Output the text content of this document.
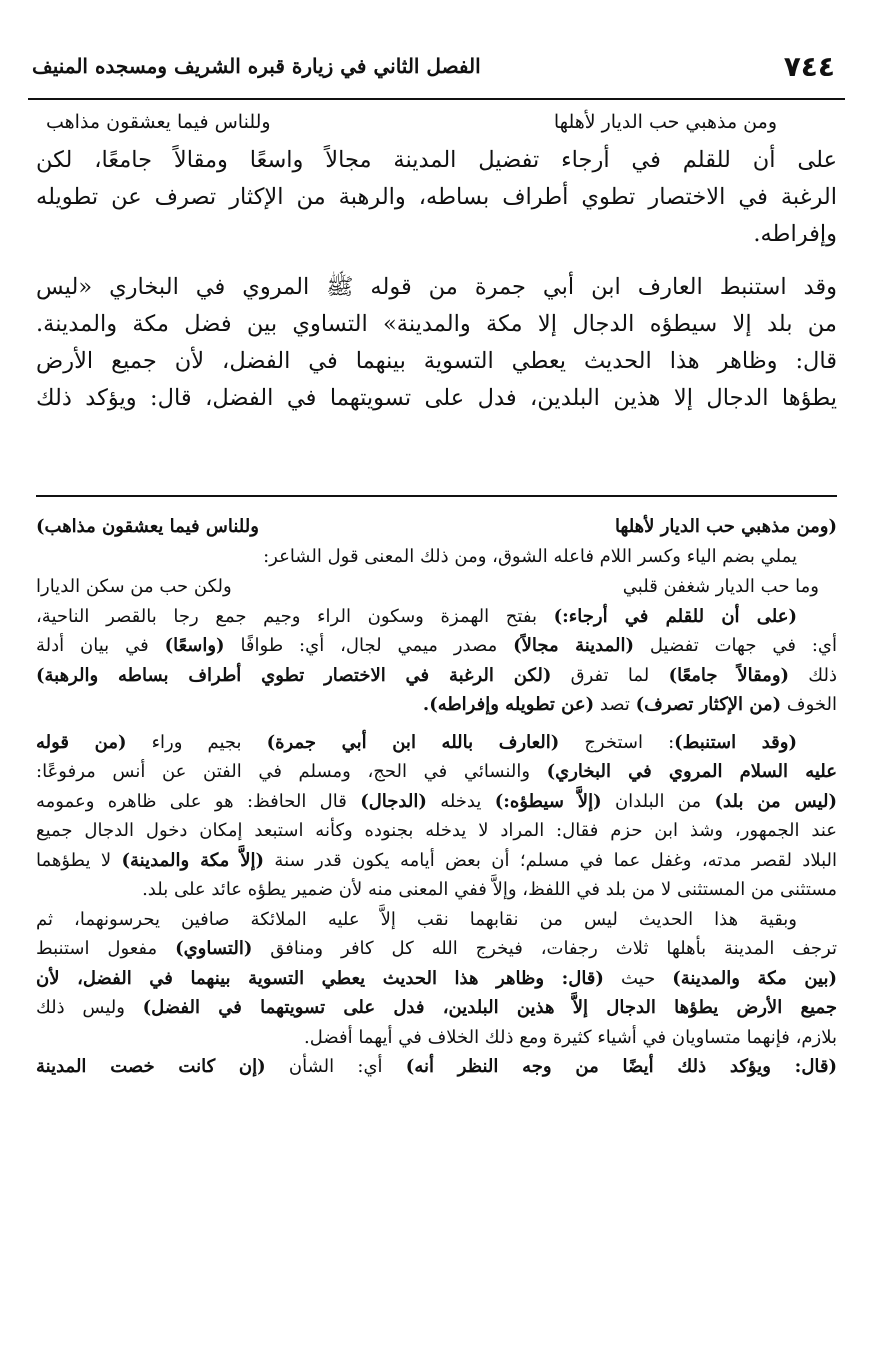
٧٤٤
الفصل الثاني في زيارة قبره الشريف ومسجده المنيف
ومن مذهبي حب الديار لأهلها
وللناس فيما يعشقون مذاهب
على أن للقلم في أرجاء تفضيل المدينة مجالاً واسعًا ومقالاً جامعًا، لكن
الرغبة في الاختصار تطوي أطراف بساطه، والرهبة من الإكثار تصرف عن تطويله
وإفراطه.
وقد استنبط العارف ابن أبي جمرة من قوله ﷺ المروي في البخاري «ليس
من بلد إلا سيطؤه الدجال إلا مكة والمدينة» التساوي بين فضل مكة والمدينة.
قال: وظاهر هذا الحديث يعطي التسوية بينهما في الفضل، لأن جميع الأرض
يطؤها الدجال إلا هذين البلدين، فدل على تسويتهما في الفضل، قال: ويؤكد ذلك
(ومن مذهبي حب الديار لأهلها
وللناس فيما يعشقون مذاهب)
يملي بضم الياء وكسر اللام فاعله الشوق، ومن ذلك المعنى قول الشاعر:
وما حب الديار شغفن قلبي
ولكن حب من سكن الديارا
(على أن للقلم في أرجاء:) بفتح الهمزة وسكون الراء وجيم جمع رجا بالقصر الناحية،
أي: في جهات تفضيل (المدينة مجالاً) مصدر ميمي لجال، أي: طوافًا (واسعًا) في بيان أدلة
ذلك (ومقالاً جامعًا) لما تفرق (لكن الرغبة في الاختصار تطوي أطراف بساطه والرهبة)
الخوف (من الإكثار تصرف) تصد (عن تطويله وإفراطه).
(وقد استنبط): استخرج (العارف بالله ابن أبي جمرة) بجيم وراء (من قوله
عليه السلام المروي في البخاري) والنسائي في الحج، ومسلم في الفتن عن أنس مرفوعًا:
(ليس من بلد) من البلدان (إلاَّ سيطؤه:) يدخله (الدجال) قال الحافظ: هو على ظاهره وعمومه
عند الجمهور، وشذ ابن حزم فقال: المراد لا يدخله بجنوده وكأنه استبعد إمكان دخول الدجال جميع
البلاد لقصر مدته، وغفل عما في مسلم؛ أن بعض أيامه يكون قدر سنة (إلاَّ مكة والمدينة) لا يطؤهما
مستثنى من المستثنى لا من بلد في اللفظ، وإلاَّ ففي المعنى منه لأن ضمير يطؤه عائد على بلد.
وبقية هذا الحديث ليس من نقابهما نقب إلاَّ عليه الملائكة صافين يحرسونهما، ثم
ترجف المدينة بأهلها ثلاث رجفات، فيخرج الله كل كافر ومنافق (التساوي) مفعول استنبط
(بين مكة والمدينة) حيث (قال: وظاهر هذا الحديث يعطي التسوية بينهما في الفضل، لأن
جميع الأرض يطؤها الدجال إلاَّ هذين البلدين، فدل على تسويتهما في الفضل) وليس ذلك
بلازم، فإنهما متساويان في أشياء كثيرة ومع ذلك الخلاف في أيهما أفضل.
(قال: ويؤكد ذلك أيضًا من وجه النظر أنه) أي: الشأن (إن كانت خصت المدينة
